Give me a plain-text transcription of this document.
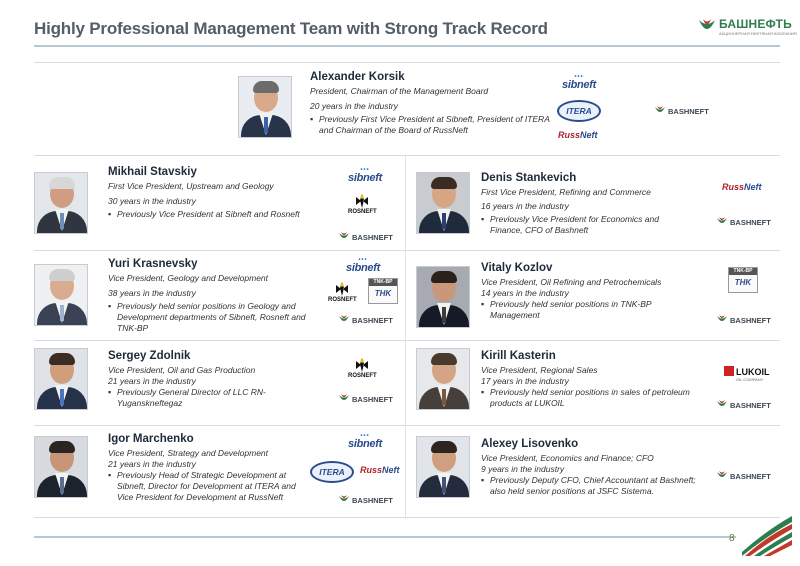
Highly Professional Management Team with Strong Track Record	БАШНЕФТЬ
АКЦИОНЕРНАЯ НЕФТЯНАЯ КОМПАНИЯ
Alexander Korsik
President, Chairman of the Management Board
20 years in the industry
▪ Previously First Vice President at Sibneft, President of ITERA and Chairman of the Board of RussNeft
•••
sibneft
ITERA
RussNeft
BASHNEFT
Mikhail Stavskiy
First Vice President, Upstream and Geology
30 years in the industry
▪ Previously Vice President at Sibneft and Rosneft
•••
sibneft
ROSNEFT
BASHNEFT
Denis Stankevich
First Vice President, Refining and Commerce
16 years in the industry
▪ Previously Vice President for Economics and Finance, CFO of Bashneft
RussNeft
BASHNEFT
Yuri Krasnevsky
Vice President, Geology and Development
38 years in the industry
▪ Previously held senior positions in Geology and Development departments of Sibneft, Rosneft and TNK-BP
•••
sibneft
ROSNEFT
TNK-BP
TΗK
BASHNEFT
Vitaly Kozlov
Vice President, Oil Refining and Petrochemicals
14 years in the industry
▪ Previously held senior positions in TNK-BP Management
TNK-BP
TΗK
BASHNEFT
Sergey Zdolnik
Vice President, Oil and Gas Production
21 years in the industry
▪ Previously General Director of LLC RN-Yuganskneftegaz
ROSNEFT
BASHNEFT
Kirill Kasterin
Vice President, Regional Sales
17 years in the industry
▪ Previously held senior positions in sales of petroleum products at LUKOIL
LUKOIL
OIL COMPANY
BASHNEFT
Igor Marchenko
Vice President, Strategy and Development
21 years in the industry
▪ Previously Head of Strategic Development at Sibneft, Director for Development at ITERA and Vice President for Development at RussNeft
•••
sibneft
ITERA	RussNeft
BASHNEFT
Alexey Lisovenko
Vice President, Economics and Finance; CFO
9 years in the industry
▪ Previously Deputy CFO, Chief Accountant at Bashneft; also held senior positions at JSFC Sistema.
BASHNEFT
8
